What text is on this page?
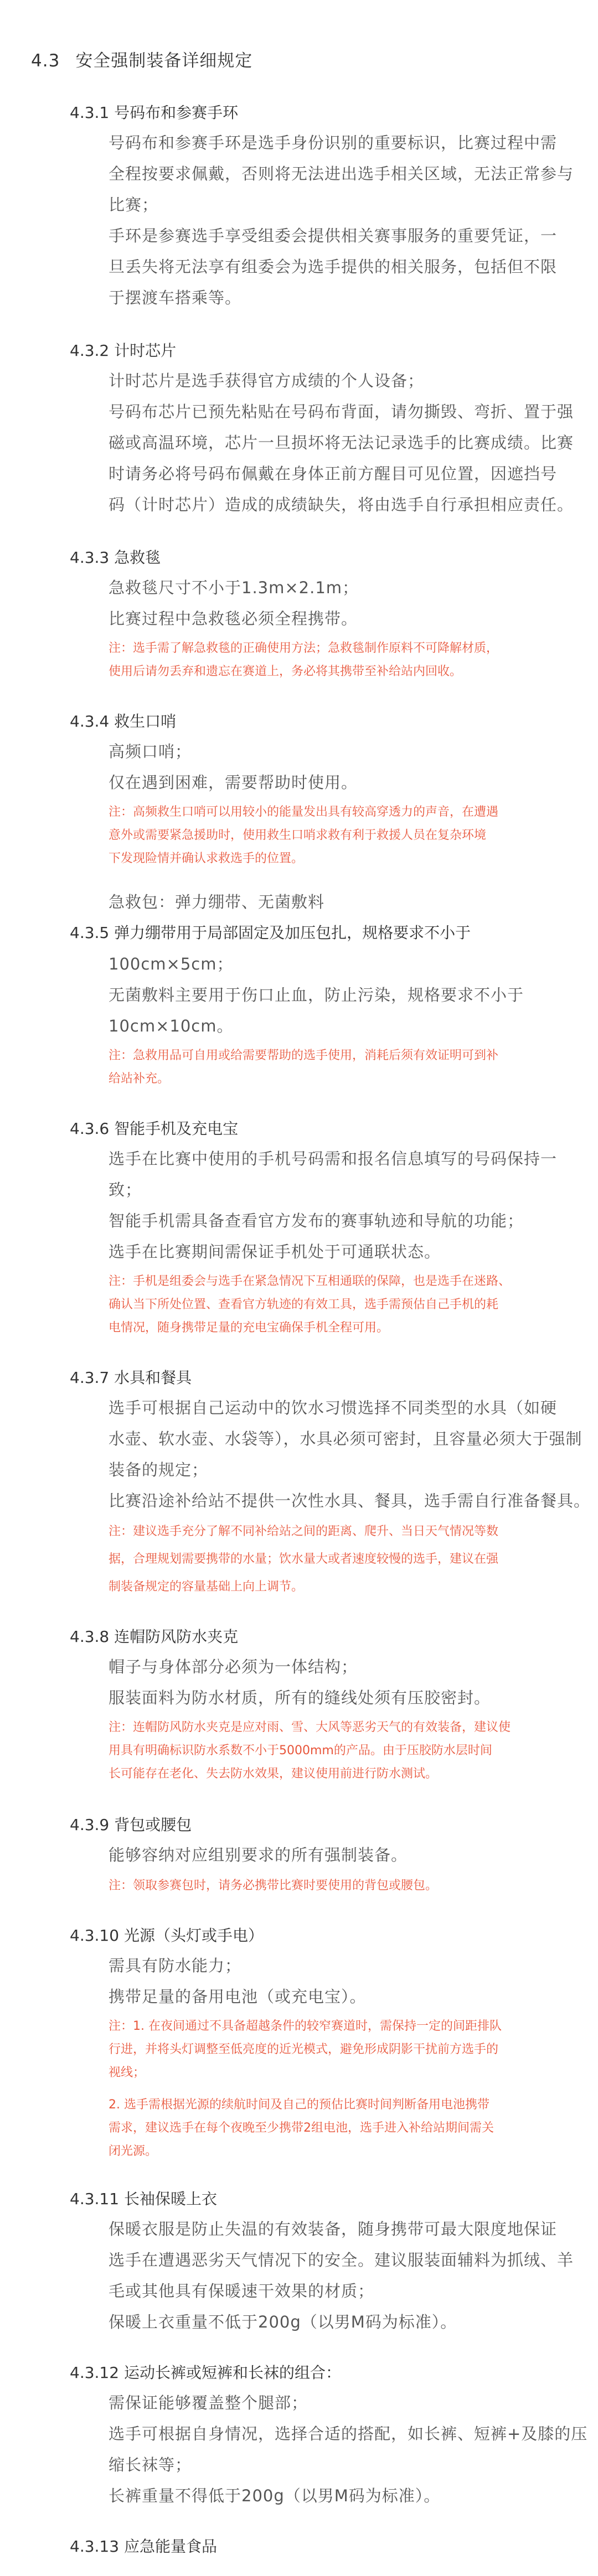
4.3 安全强制装备详细规定
4.3.1 号码布和参赛手环
号码布和参赛手环是选手身份识别的重要标识，比赛过程中需
全程按要求佩戴，否则将无法进出选手相关区域，无法正常参与
比赛；
手环是参赛选手享受组委会提供相关赛事服务的重要凭证，一
旦丢失将无法享有组委会为选手提供的相关服务，包括但不限
于摆渡车搭乘等。
4.3.2 计时芯片
计时芯片是选手获得官方成绩的个人设备；
号码布芯片已预先粘贴在号码布背面，请勿撕毁、弯折、置于强
磁或高温环境，芯片一旦损坏将无法记录选手的比赛成绩。比赛
时请务必将号码布佩戴在身体正前方醒目可见位置，因遮挡号
码（计时芯片）造成的成绩缺失，将由选手自行承担相应责任。
4.3.3 急救毯
急救毯尺寸不小于1.3m×2.1m；
比赛过程中急救毯必须全程携带。
注：选手需了解急救毯的正确使用方法；急救毯制作原料不可降解材质，
使用后请勿丢弃和遗忘在赛道上，务必将其携带至补给站内回收。
4.3.4 救生口哨
高频口哨；
仅在遇到困难，需要帮助时使用。
注：高频救生口哨可以用较小的能量发出具有较高穿透力的声音，在遭遇
意外或需要紧急援助时，使用救生口哨求救有利于救援人员在复杂环境
下发现险情并确认求救选手的位置。
急救包：弹力绷带、无菌敷料
4.3.5 弹力绷带用于局部固定及加压包扎，规格要求不小于
100cm×5cm；
无菌敷料主要用于伤口止血，防止污染，规格要求不小于
10cm×10cm。
注：急救用品可自用或给需要帮助的选手使用，消耗后须有效证明可到补
给站补充。
4.3.6 智能手机及充电宝
选手在比赛中使用的手机号码需和报名信息填写的号码保持一
致；
智能手机需具备查看官方发布的赛事轨迹和导航的功能；
选手在比赛期间需保证手机处于可通联状态。
注：手机是组委会与选手在紧急情况下互相通联的保障，也是选手在迷路、
确认当下所处位置、查看官方轨迹的有效工具，选手需预估自己手机的耗
电情况，随身携带足量的充电宝确保手机全程可用。
4.3.7 水具和餐具
选手可根据自己运动中的饮水习惯选择不同类型的水具（如硬
水壶、软水壶、水袋等），水具必须可密封，且容量必须大于强制
装备的规定；
比赛沿途补给站不提供一次性水具、餐具，选手需自行准备餐具。
注：建议选手充分了解不同补给站之间的距离、爬升、当日天气情况等数
据，合理规划需要携带的水量；饮水量大或者速度较慢的选手，建议在强
制装备规定的容量基础上向上调节。
4.3.8 连帽防风防水夹克
帽子与身体部分必须为一体结构；
服装面料为防水材质，所有的缝线处须有压胶密封。
注：连帽防风防水夹克是应对雨、雪、大风等恶劣天气的有效装备，建议使
用具有明确标识防水系数不小于5000mm的产品。由于压胶防水层时间
长可能存在老化、失去防水效果，建议使用前进行防水测试。
4.3.9 背包或腰包
能够容纳对应组别要求的所有强制装备。
注：领取参赛包时，请务必携带比赛时要使用的背包或腰包。
4.3.10 光源（头灯或手电）
需具有防水能力；
携带足量的备用电池（或充电宝）。
注：1. 在夜间通过不具备超越条件的较窄赛道时，需保持一定的间距排队
行进，并将头灯调整至低亮度的近光模式，避免形成阴影干扰前方选手的
视线；
2. 选手需根据光源的续航时间及自己的预估比赛时间判断备用电池携带
需求，建议选手在每个夜晚至少携带2组电池，选手进入补给站期间需关
闭光源。
4.3.11 长袖保暖上衣
保暖衣服是防止失温的有效装备，随身携带可最大限度地保证
选手在遭遇恶劣天气情况下的安全。建议服装面辅料为抓绒、羊
毛或其他具有保暖速干效果的材质；
保暖上衣重量不低于200g（以男M码为标准）。
4.3.12 运动长裤或短裤和长袜的组合：
需保证能够覆盖整个腿部；
选手可根据自身情况，选择合适的搭配，如长裤、短裤+及膝的压
缩长袜等；
长裤重量不得低于200g（以男M码为标准）。
4.3.13 应急能量食品
